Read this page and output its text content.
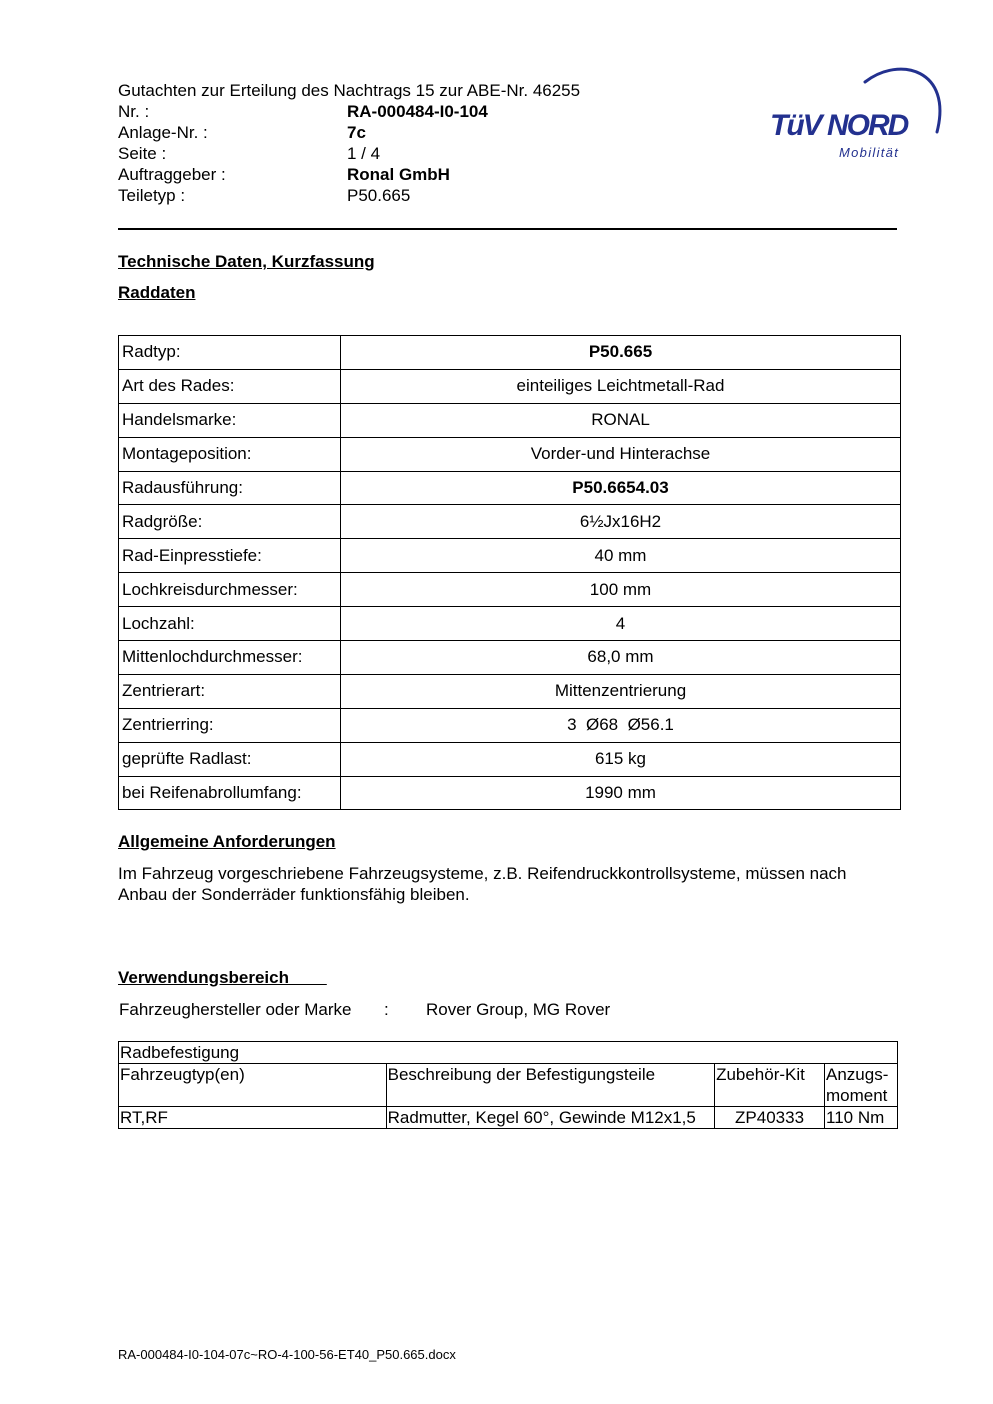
Gutachten zur Erteilung des Nachtrags 15 zur ABE-Nr. 46255
Nr. :	RA-000484-I0-104
Anlage-Nr. :	7c
Seite :	1 / 4
Auftraggeber :	Ronal GmbH
Teiletyp :	P50.665
TüV NORD
Mobilität
Technische Daten, Kurzfassung
Raddaten
Radtyp:	P50.665
Art des Rades:	einteiliges Leichtmetall-Rad
Handelsmarke:	RONAL
Montageposition:	Vorder-und Hinterachse
Radausführung:	P50.6654.03
Radgröße:	6½Jx16H2
Rad-Einpresstiefe:	40 mm
Lochkreisdurchmesser:	100 mm
Lochzahl:	4
Mittenlochdurchmesser:	68,0 mm
Zentrierart:	Mittenzentrierung
Zentrierring:	3  Ø68  Ø56.1
geprüfte Radlast:	615 kg
bei Reifenabrollumfang:	1990 mm
Allgemeine Anforderungen
Im Fahrzeug vorgeschriebene Fahrzeugsysteme, z.B. Reifendruckkontrollsysteme, müssen nach Anbau der Sonderräder funktionsfähig bleiben.
Verwendungsbereich
Fahrzeughersteller oder Marke : Rover Group, MG Rover
Radbefestigung			
Fahrzeugtyp(en)	Beschreibung der Befestigungsteile	Zubehör-Kit	Anzugs-moment
RT,RF	Radmutter, Kegel 60°, Gewinde M12x1,5	ZP40333	110 Nm
RA-000484-I0-104-07c~RO-4-100-56-ET40_P50.665.docx
